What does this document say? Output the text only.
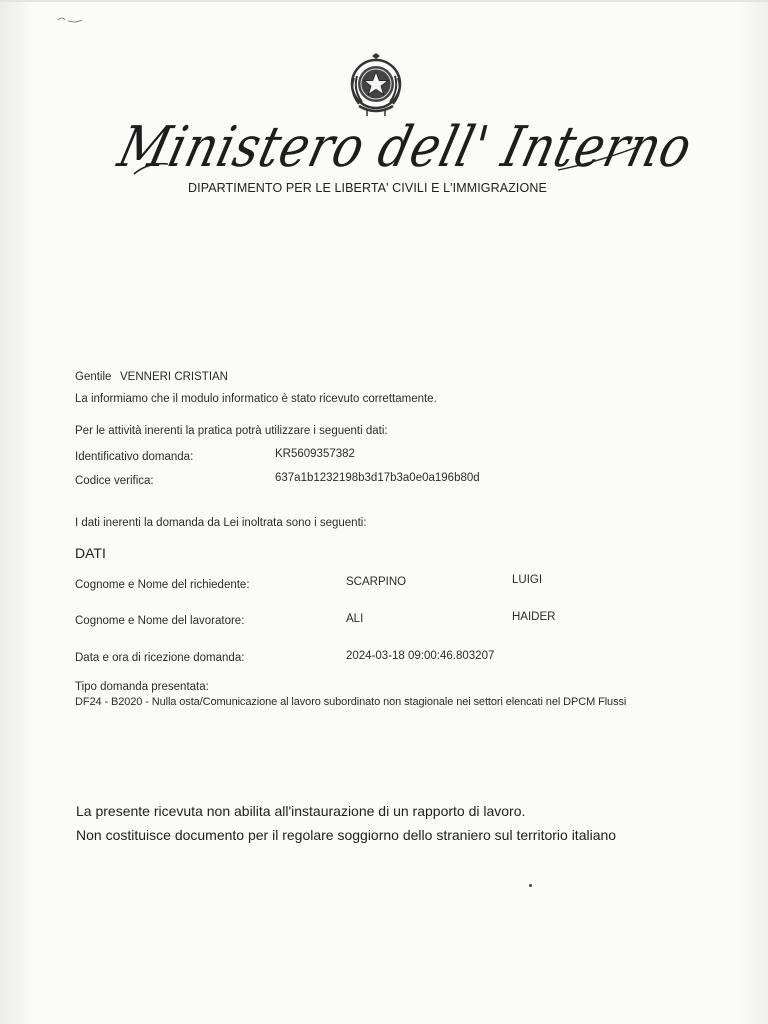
Ministero dell' Interno
DIPARTIMENTO PER LE LIBERTA' CIVILI E L'IMMIGRAZIONE
Gentile VENNERI CRISTIAN
La informiamo che il modulo informatico è stato ricevuto correttamente.
Per le attività inerenti la pratica potrà utilizzare i seguenti dati:
Identificativo domanda:	KR5609357382
Codice verifica:	637a1b1232198b3d17b3a0e0a196b80d
I dati inerenti la domanda da Lei inoltrata sono i seguenti:
DATI
Cognome e Nome del richiedente:	SCARPINO	LUIGI
Cognome e Nome del lavoratore:	ALI	HAIDER
Data e ora di ricezione domanda:	2024-03-18 09:00:46.803207
Tipo domanda presentata:
DF24 - B2020 - Nulla osta/Comunicazione al lavoro subordinato non stagionale nei settori elencati nel DPCM Flussi
La presente ricevuta non abilita all'instaurazione di un rapporto di lavoro.
Non costituisce documento per il regolare soggiorno dello straniero sul territorio italiano
